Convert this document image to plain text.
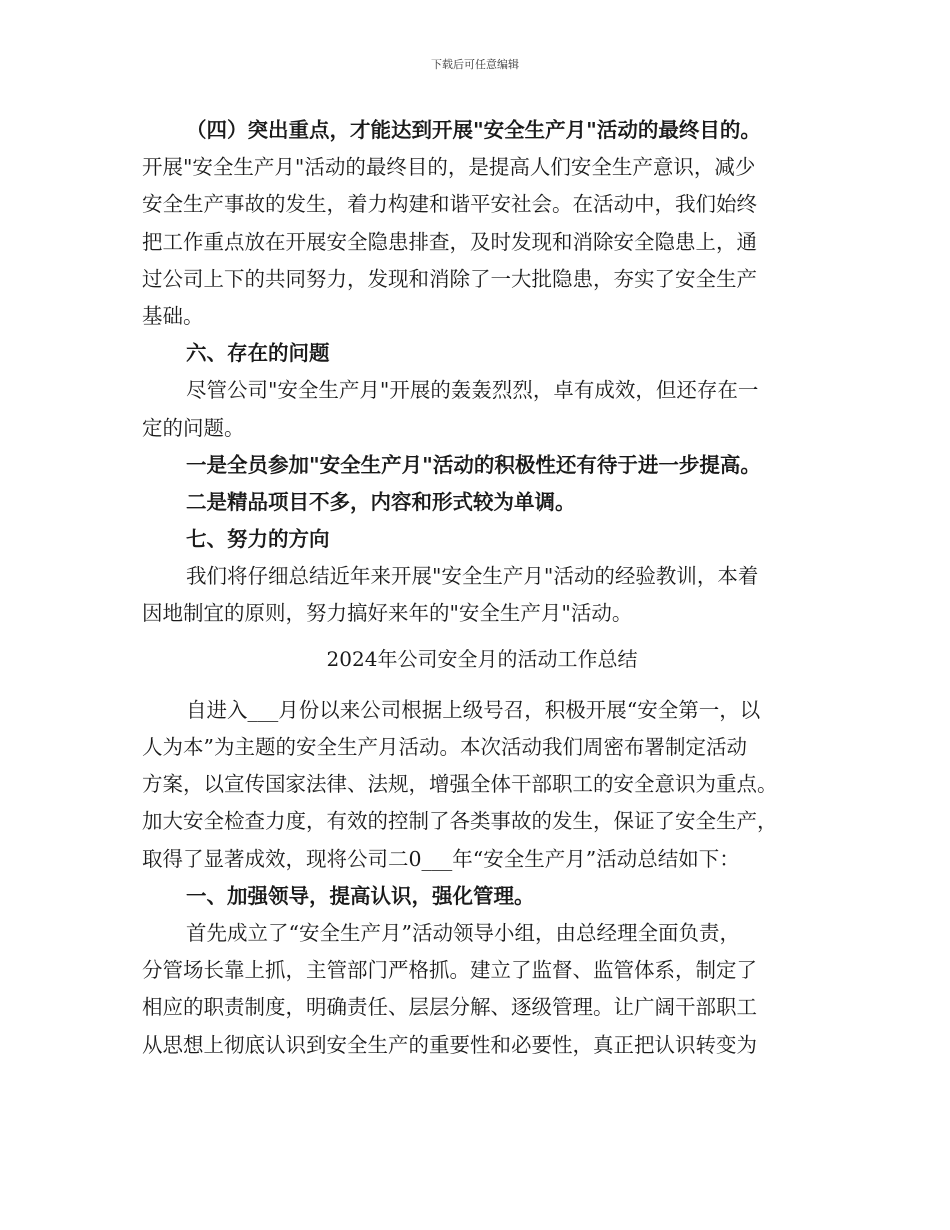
下载后可任意编辑
（四）突出重点，才能达到开展"安全生产月"活动的最终目的。
开展"安全生产月"活动的最终目的，是提高人们安全生产意识，减少
安全生产事故的发生，着力构建和谐平安社会。在活动中，我们始终
把工作重点放在开展安全隐患排查，及时发现和消除安全隐患上，通
过公司上下的共同努力，发现和消除了一大批隐患，夯实了安全生产
基础。
六、存在的问题
尽管公司"安全生产月"开展的轰轰烈烈，卓有成效，但还存在一
定的问题。
一是全员参加"安全生产月"活动的积极性还有待于进一步提高。
二是精品项目不多，内容和形式较为单调。
七、努力的方向
我们将仔细总结近年来开展"安全生产月"活动的经验教训，本着
因地制宜的原则，努力搞好来年的"安全生产月"活动。
2024年公司安全月的活动工作总结
自进入___月份以来公司根据上级号召，积极开展“安全第一，以
人为本”为主题的安全生产月活动。本次活动我们周密布署制定活动
方案，以宣传国家法律、法规，增强全体干部职工的安全意识为重点。
加大安全检查力度，有效的控制了各类事故的发生，保证了安全生产，
取得了显著成效，现将公司二0___年“安全生产月”活动总结如下：
一、加强领导，提高认识，强化管理。
首先成立了“安全生产月”活动领导小组，由总经理全面负责，
分管场长靠上抓，主管部门严格抓。建立了监督、监管体系，制定了
相应的职责制度，明确责任、层层分解、逐级管理。让广阔干部职工
从思想上彻底认识到安全生产的重要性和必要性，真正把认识转变为
